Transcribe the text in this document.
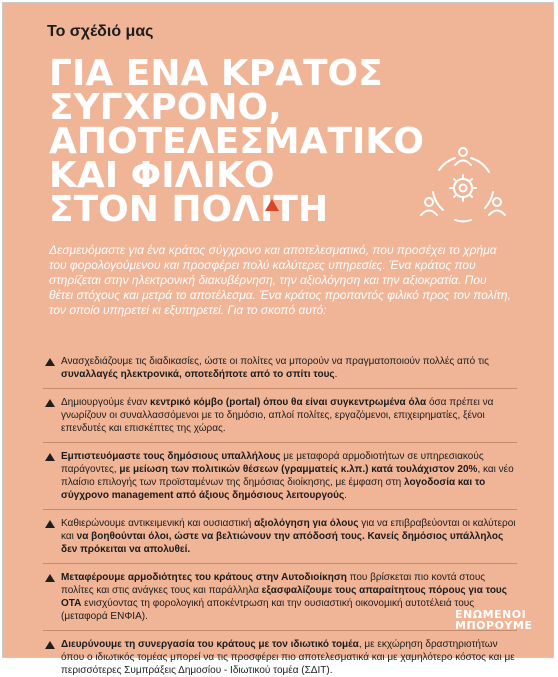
Το σχέδιό μας
ΓΙΑ ΕΝΑ ΚΡΑΤΟΣ
ΣΥΓΧΡΟΝΟ,
ΑΠΟΤΕΛΕΣΜΑΤΙΚΟ
ΚΑΙ ΦΙΛΙΚΟ
ΣΤΟΝ ΠΟΛΙΤΗ

Δεσμευόμαστε για ένα κράτος σύγχρονο και αποτελεσματικό, που προσέχει το χρήμα του φορολογούμενου και προσφέρει πολύ καλύτερες υπηρεσίες. Ένα κράτος που στηρίζεται στην ηλεκτρονική διακυβέρνηση, την αξιολόγηση και την αξιοκρατία. Που θέτει στόχους και μετρά το αποτέλεσμα. Ένα κράτος προπαντός φιλικό προς τον πολίτη, τον οποίο υπηρετεί κι εξυπηρετεί. Για το σκοπό αυτό:

Ανασχεδιάζουμε τις διαδικασίες, ώστε οι πολίτες να μπορούν να πραγματοποιούν πολλές από τις συναλλαγές ηλεκτρονικά, οποτεδήποτε από το σπίτι τους.
Δημιουργούμε έναν κεντρικό κόμβο (portal) όπου θα είναι συγκεντρωμένα όλα όσα πρέπει να γνωρίζουν οι συναλλασσόμενοι με το δημόσιο, απλοί πολίτες, εργαζόμενοι, επιχειρηματίες, ξένοι επενδυτές και επισκέπτες της χώρας.
Εμπιστευόμαστε τους δημόσιους υπαλλήλους με μεταφορά αρμοδιοτήτων σε υπηρεσιακούς παράγοντες, με μείωση των πολιτικών θέσεων (γραμματείς κ.λπ.) κατά τουλάχιστον 20%, και νέο πλαίσιο επιλογής των προϊσταμένων της δημόσιας διοίκησης, με έμφαση στη λογοδοσία και το σύγχρονο management από άξιους δημόσιους λειτουργούς.
Καθιερώνουμε αντικειμενική και ουσιαστική αξιολόγηση για όλους για να επιβραβεύονται οι καλύτεροι και να βοηθούνται όλοι, ώστε να βελτιώνουν την απόδοσή τους. Κανείς δημόσιος υπάλληλος δεν πρόκειται να απολυθεί.
Μεταφέρουμε αρμοδιότητες του κράτους στην Αυτοδιοίκηση που βρίσκεται πιο κοντά στους πολίτες και στις ανάγκες τους και παράλληλα εξασφαλίζουμε τους απαραίτητους πόρους για τους ΟΤΑ ενισχύοντας τη φορολογική αποκέντρωση και την ουσιαστική οικονομική αυτοτέλειά τους (μεταφορά ΕΝΦΙΑ).
Διευρύνουμε τη συνεργασία του κράτους με τον ιδιωτικό τομέα, με εκχώρηση δραστηριοτήτων όπου ο ιδιωτικός τομέας μπορεί να τις προσφέρει πιο αποτελεσματικά και με χαμηλότερο κόστος και με περισσότερες Συμπράξεις Δημοσίου - Ιδιωτικού τομέα (ΣΔΙΤ).
ΕΝΩΜΕΝΟΙ
ΜΠΟΡΟΥΜΕ
